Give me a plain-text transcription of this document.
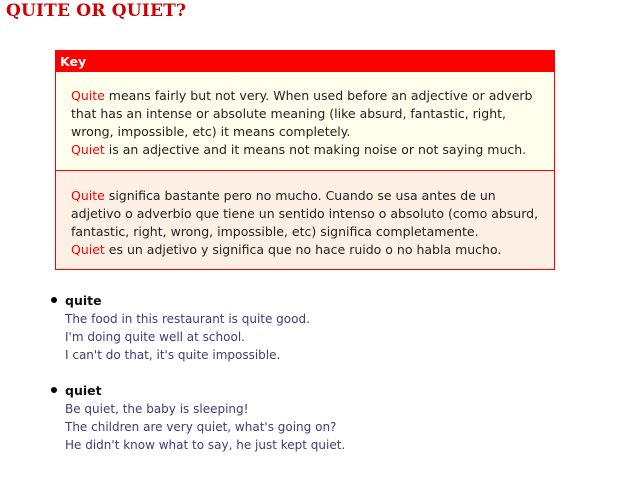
QUITE OR QUIET?
Key
Quite means fairly but not very. When used before an adjective or adverb that has an intense or absolute meaning (like absurd, fantastic, right, wrong, impossible, etc) it means completely.
Quiet is an adjective and it means not making noise or not saying much.
Quite significa bastante pero no mucho. Cuando se usa antes de un adjetivo o adverbio que tiene un sentido intenso o absoluto (como absurd, fantastic, right, wrong, impossible, etc) significa completamente.
Quiet es un adjetivo y significa que no hace ruido o no habla mucho.
quite
The food in this restaurant is quite good.
I'm doing quite well at school.
I can't do that, it's quite impossible.
quiet
Be quiet, the baby is sleeping!
The children are very quiet, what's going on?
He didn't know what to say, he just kept quiet.
